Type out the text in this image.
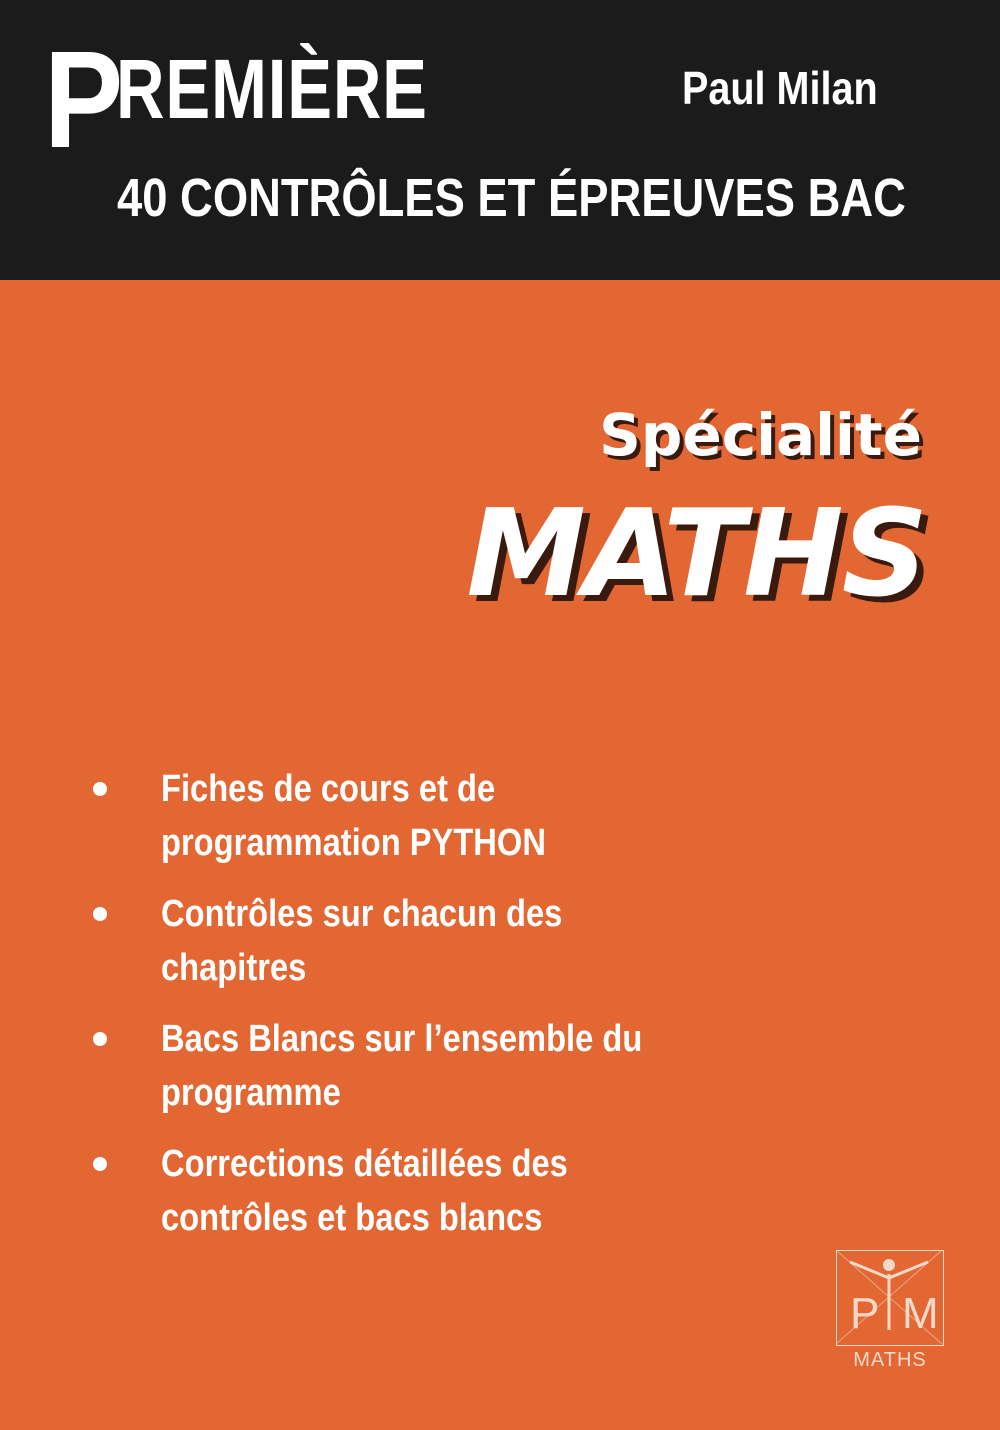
P
REMIÈRE	Paul Milan
40 CONTRÔLES ET ÉPREUVES BAC
Spécialité
MATHS
Fiches de cours et de
programmation PYTHON
Contrôles sur chacun des
chapitres
Bacs Blancs sur l’ensemble du
programme
Corrections détaillées des
contrôles et bacs blancs
P M
MATHS
